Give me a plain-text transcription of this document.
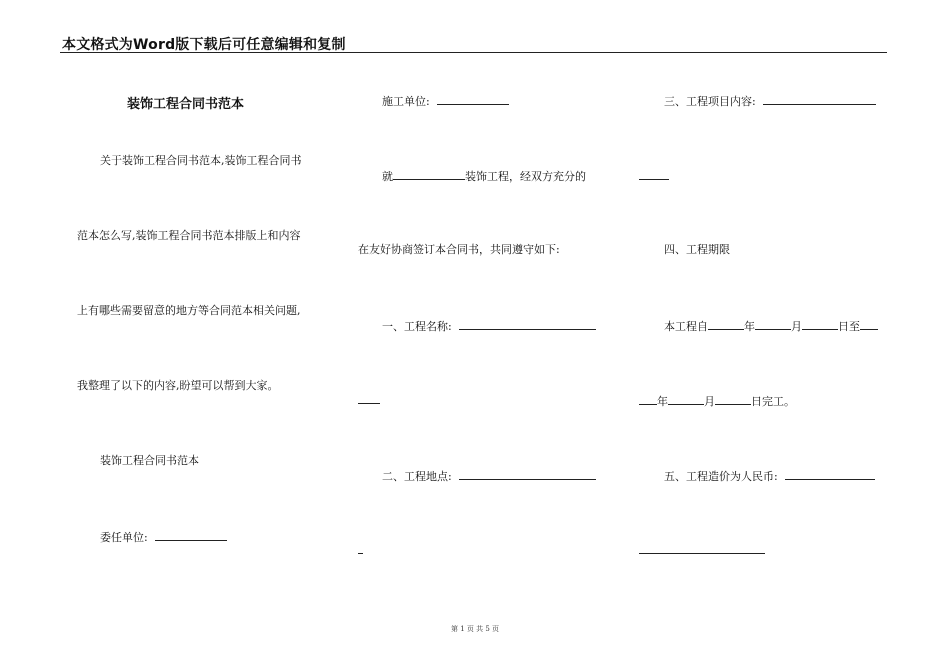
本文格式为Word版下载后可任意编辑和复制
装饰工程合同书范本
关于装饰工程合同书范本,装饰工程合同书
范本怎么写,装饰工程合同书范本排版上和内容
上有哪些需要留意的地方等合同范本相关问题,
我整理了以下的内容,盼望可以帮到大家。
装饰工程合同书范本
委任单位:
施工单位:
就	装饰工程，经双方充分的
在友好协商签订本合同书，共同遵守如下:
一、工程名称:
二、工程地点:
三、工程项目内容:
四、工程期限
本工程自	年	月	日至
年	月	日完工。
五、工程造价为人民币:
第 1 页 共 5 页
